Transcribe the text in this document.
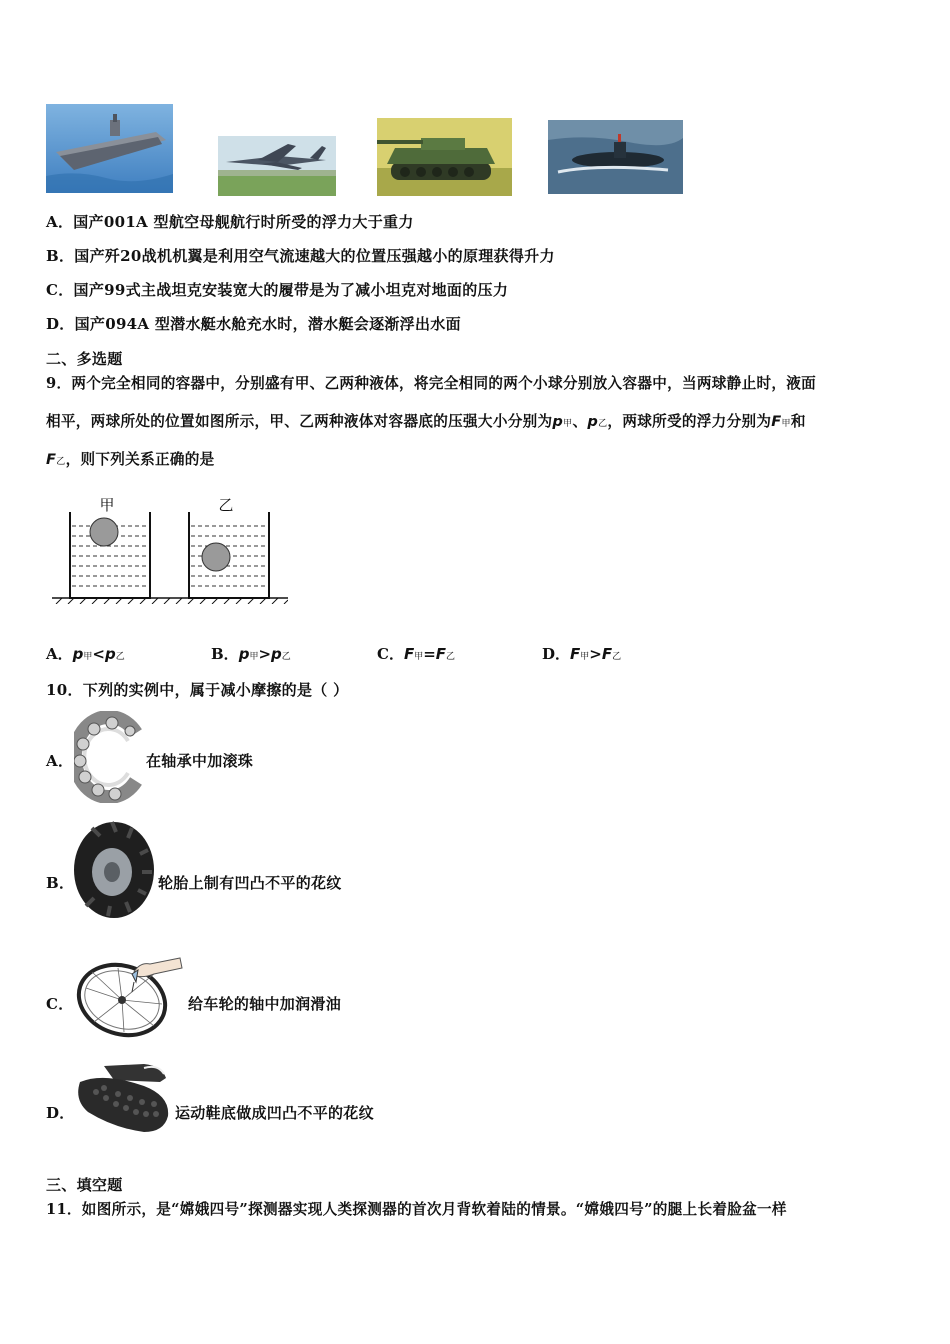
A．国产001A 型航空母舰航行时所受的浮力大于重力
B．国产歼20战机机翼是利用空气流速越大的位置压强越小的原理获得升力
C．国产99式主战坦克安装宽大的履带是为了减小坦克对地面的压力
D．国产094A 型潜水艇水舱充水时，潜水艇会逐渐浮出水面
二、多选题
9．两个完全相同的容器中，分别盛有甲、乙两种液体，将完全相同的两个小球分别放入容器中，当两球静止时，液面
相平，两球所处的位置如图所示，甲、乙两种液体对容器底的压强大小分别为p甲、p乙，两球所受的浮力分别为F甲和
F乙，则下列关系正确的是
甲	乙
A．p甲<p乙	B．p甲>p乙	C．F甲=F乙	D．F甲>F乙
10．下列的实例中，属于减小摩擦的是（ ）
A．	在轴承中加滚珠
B．	轮胎上制有凹凸不平的花纹
C．	给车轮的轴中加润滑油
D．	运动鞋底做成凹凸不平的花纹
三、填空题
11．如图所示，是“嫦娥四号”探测器实现人类探测器的首次月背软着陆的情景。“嫦娥四号”的腿上长着脸盆一样
